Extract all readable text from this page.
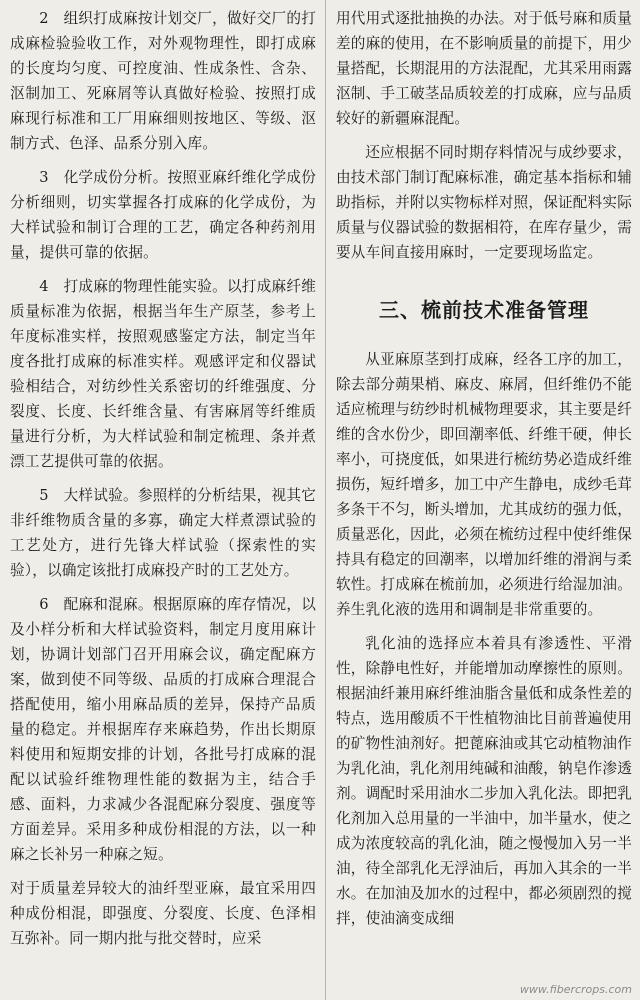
2　组织打成麻按计划交厂，做好交厂的打成麻检验验收工作，对外观物理性，即打成麻的长度均匀度、可控度油、性成条性、含杂、沤制加工、死麻屑等认真做好检验、按照打成麻现行标准和工厂用麻细则按地区、等级、沤制方式、色泽、品系分别入库。

3　化学成份分析。按照亚麻纤维化学成份分析细则，切实掌握各打成麻的化学成份，为大样试验和制订合理的工艺，确定各种药剂用量，提供可靠的依据。

4　打成麻的物理性能实验。以打成麻纤维质量标准为依据，根据当年生产原茎，参考上年度标准实样，按照观感鉴定方法，制定当年度各批打成麻的标准实样。观感评定和仪器试验相结合，对纺纱性关系密切的纤维强度、分裂度、长度、长纤维含量、有害麻屑等纤维质量进行分析，为大样试验和制定梳理、条并煮漂工艺提供可靠的依据。

5　大样试验。参照样的分析结果，视其它非纤维物质含量的多寡，确定大样煮漂试验的工艺处方，进行先锋大样试验（探索性的实验），以确定该批打成麻投产时的工艺处方。

6　配麻和混麻。根据原麻的库存情况，以及小样分析和大样试验资料，制定月度用麻计划，协调计划部门召开用麻会议，确定配麻方案，做到使不同等级、品质的打成麻合理混合搭配使用，缩小用麻品质的差异，保持产品质量的稳定。并根据库存来麻趋势，作出长期原料使用和短期安排的计划，各批号打成麻的混配以试验纤维物理性能的数据为主，结合手感、面料，力求减少各混配麻分裂度、强度等方面差异。采用多种成份相混的方法，以一种麻之长补另一种麻之短。

对于质量差异较大的油纤型亚麻，最宜采用四种成份相混，即强度、分裂度、长度、色泽相互弥补。同一期内批与批交替时，应采

用代用式逐批抽换的办法。对于低号麻和质量差的麻的使用，在不影响质量的前提下，用少量搭配，长期混用的方法混配，尤其采用雨露沤制、手工破茎品质较差的打成麻，应与品质较好的新疆麻混配。

还应根据不同时期存料情况与成纱要求，由技术部门制订配麻标准，确定基本指标和辅助指标，并附以实物标样对照，保证配料实际质量与仪器试验的数据相符，在库存量少，需要从车间直接用麻时，一定要现场监定。

三、梳前技术准备管理

从亚麻原茎到打成麻，经各工序的加工，除去部分蒴果梢、麻皮、麻屑，但纤维仍不能适应梳理与纺纱时机械物理要求，其主要是纤维的含水份少，即回潮率低、纤维干硬，伸长率小，可挠度低，如果进行梳纺势必造成纤维损伤，短纤增多，加工中产生静电，成纱毛茸多条干不匀，断头增加，尤其成纺的强力低，质量恶化，因此，必须在梳纺过程中使纤维保持具有稳定的回潮率，以增加纤维的滑润与柔软性。打成麻在梳前加，必须进行给湿加油。养生乳化液的选用和调制是非常重要的。

乳化油的选择应本着具有渗透性、平滑性，除静电性好，并能增加动摩擦性的原则。根据油纤兼用麻纤维油脂含量低和成条性差的特点，选用酸质不干性植物油比目前普遍使用的矿物性油剂好。把蓖麻油或其它动植物油作为乳化油，乳化剂用纯碱和油酸，钠皂作渗透剂。调配时采用油水二步加入乳化法。即把乳化剂加入总用量的一半油中，加半量水，使之成为浓度较高的乳化油，随之慢慢加入另一半油，待全部乳化无浮油后，再加入其余的一半水。在加油及加水的过程中，都必须剧烈的搅拌，使油滴变成细

www.fibercrops.com
